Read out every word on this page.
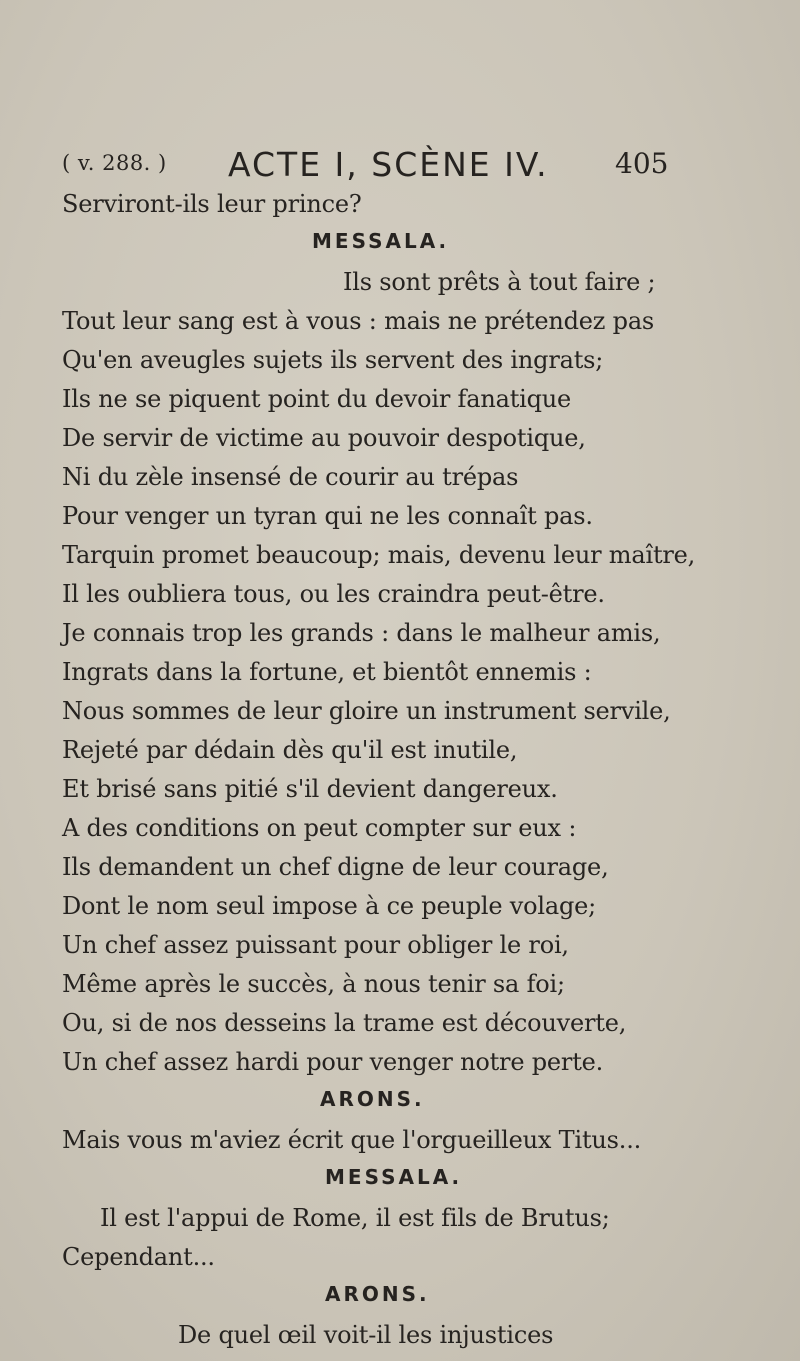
( v. 288. ) ACTE I, SCÈNE IV. 405
Serviront-ils leur prince?
MESSALA.
Ils sont prêts à tout faire ;
Tout leur sang est à vous : mais ne prétendez pas
Qu'en aveugles sujets ils servent des ingrats;
Ils ne se piquent point du devoir fanatique
De servir de victime au pouvoir despotique,
Ni du zèle insensé de courir au trépas
Pour venger un tyran qui ne les connaît pas.
Tarquin promet beaucoup; mais, devenu leur maître,
Il les oubliera tous, ou les craindra peut-être.
Je connais trop les grands : dans le malheur amis,
Ingrats dans la fortune, et bientôt ennemis :
Nous sommes de leur gloire un instrument servile,
Rejeté par dédain dès qu'il est inutile,
Et brisé sans pitié s'il devient dangereux.
A des conditions on peut compter sur eux :
Ils demandent un chef digne de leur courage,
Dont le nom seul impose à ce peuple volage;
Un chef assez puissant pour obliger le roi,
Même après le succès, à nous tenir sa foi;
Ou, si de nos desseins la trame est découverte,
Un chef assez hardi pour venger notre perte.
ARONS.
Mais vous m'aviez écrit que l'orgueilleux Titus...
MESSALA.
Il est l'appui de Rome, il est fils de Brutus;
Cependant...
ARONS.
De quel œil voit-il les injustices
